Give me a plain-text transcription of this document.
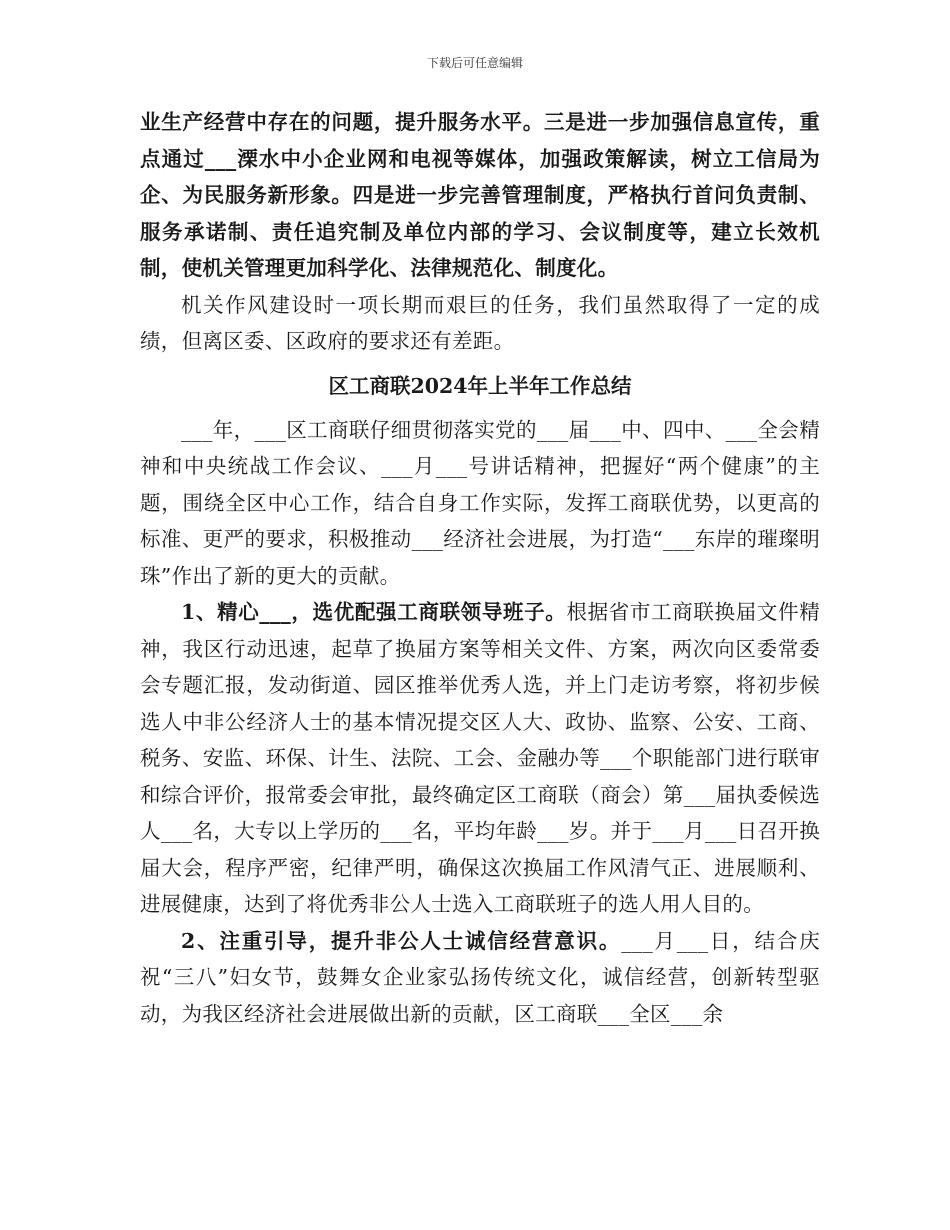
下载后可任意编辑

业生产经营中存在的问题，提升服务水平。三是进一步加强信息宣传，重点通过___溧水中小企业网和电视等媒体，加强政策解读，树立工信局为企、为民服务新形象。四是进一步完善管理制度，严格执行首问负责制、服务承诺制、责任追究制及单位内部的学习、会议制度等，建立长效机制，使机关管理更加科学化、法律规范化、制度化。

机关作风建设时一项长期而艰巨的任务，我们虽然取得了一定的成绩，但离区委、区政府的要求还有差距。

区工商联2024年上半年工作总结

___年，___区工商联仔细贯彻落实党的___届___中、四中、___全会精神和中央统战工作会议、___月___号讲话精神，把握好“两个健康”的主题，围绕全区中心工作，结合自身工作实际，发挥工商联优势，以更高的标准、更严的要求，积极推动___经济社会进展，为打造“___东岸的璀璨明珠”作出了新的更大的贡献。

1、精心___，选优配强工商联领导班子。根据省市工商联换届文件精神，我区行动迅速，起草了换届方案等相关文件、方案，两次向区委常委会专题汇报，发动街道、园区推举优秀人选，并上门走访考察，将初步候选人中非公经济人士的基本情况提交区人大、政协、监察、公安、工商、税务、安监、环保、计生、法院、工会、金融办等___个职能部门进行联审和综合评价，报常委会审批，最终确定区工商联（商会）第___届执委候选人___名，大专以上学历的___名，平均年龄___岁。并于___月___日召开换届大会，程序严密，纪律严明，确保这次换届工作风清气正、进展顺利、进展健康，达到了将优秀非公人士选入工商联班子的选人用人目的。

2、注重引导，提升非公人士诚信经营意识。___月___日，结合庆祝“三八”妇女节，鼓舞女企业家弘扬传统文化，诚信经营，创新转型驱动，为我区经济社会进展做出新的贡献，区工商联___全区___余
